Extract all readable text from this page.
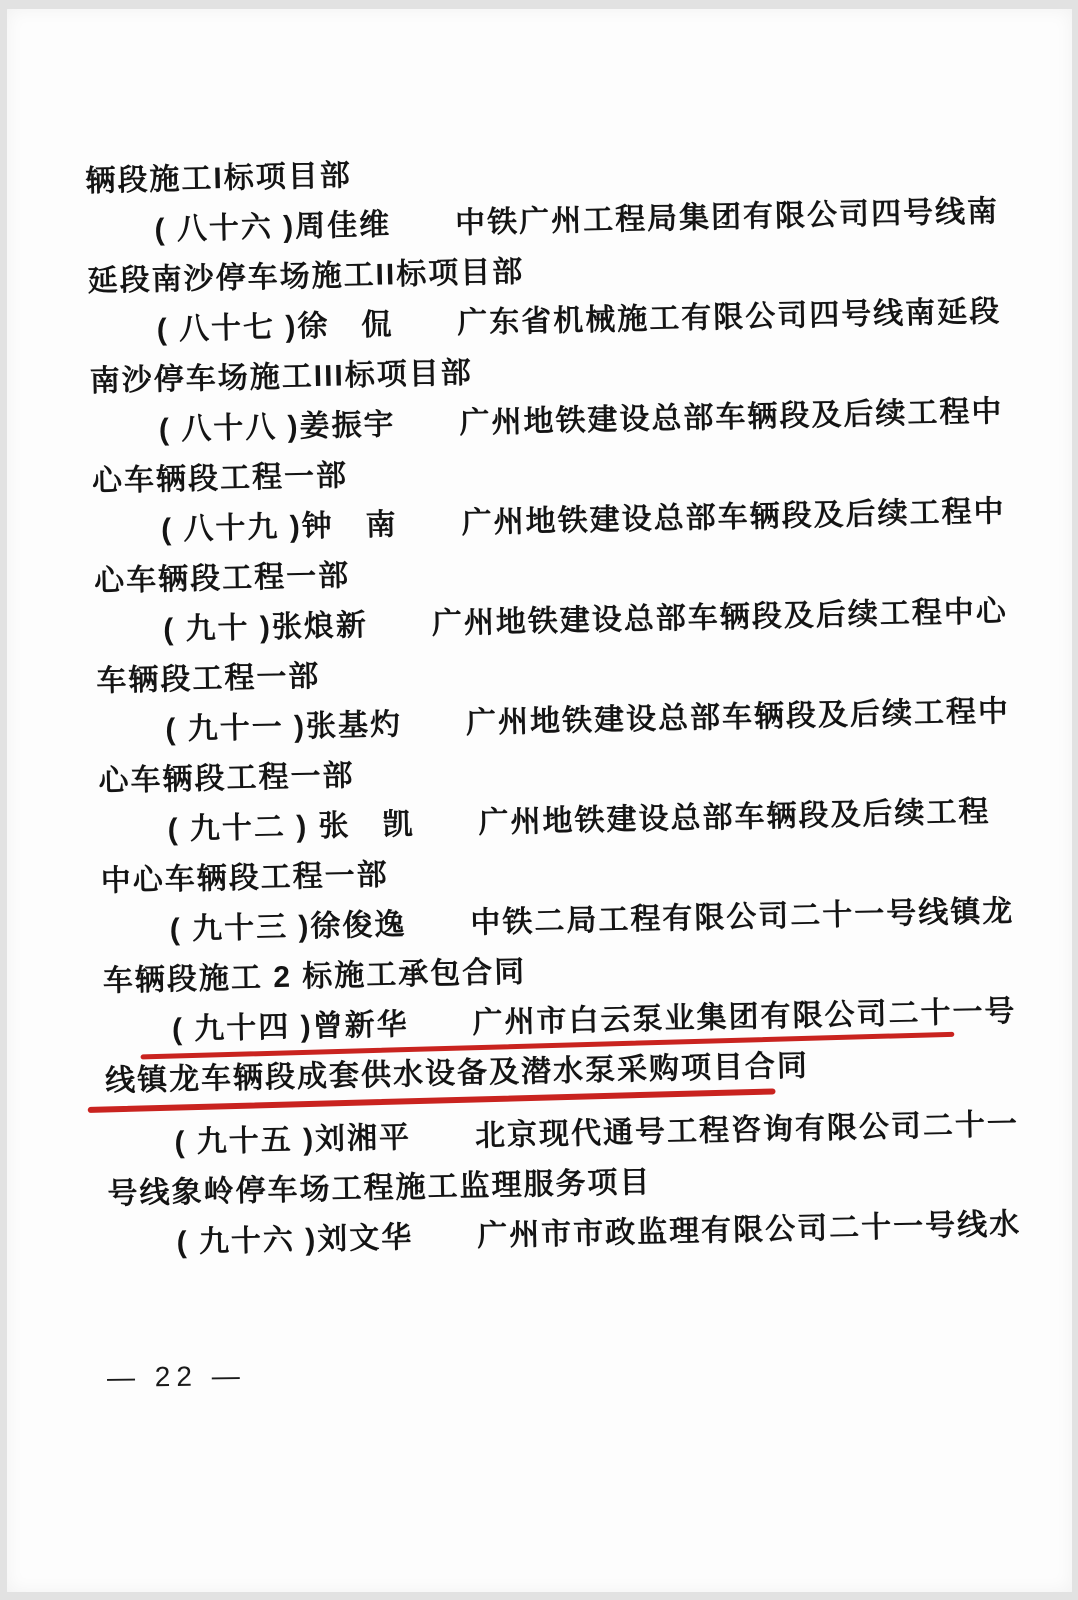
辆段施工I标项目部
( 八十六 )周佳维　　中铁广州工程局集团有限公司四号线南
延段南沙停车场施工II标项目部
( 八十七 )徐　侃　　广东省机械施工有限公司四号线南延段
南沙停车场施工III标项目部
( 八十八 )姜振宇　　广州地铁建设总部车辆段及后续工程中
心车辆段工程一部
( 八十九 )钟　南　　广州地铁建设总部车辆段及后续工程中
心车辆段工程一部
( 九十 )张烺新　　广州地铁建设总部车辆段及后续工程中心
车辆段工程一部
( 九十一 )张基灼　　广州地铁建设总部车辆段及后续工程中
心车辆段工程一部
( 九十二 ) 张　凯　　广州地铁建设总部车辆段及后续工程
中心车辆段工程一部
( 九十三 )徐俊逸　　中铁二局工程有限公司二十一号线镇龙
车辆段施工 2 标施工承包合同
( 九十四 )曾新华　　广州市白云泵业集团有限公司二十一号
线镇龙车辆段成套供水设备及潜水泵采购项目合同
( 九十五 )刘湘平　　北京现代通号工程咨询有限公司二十一
号线象岭停车场工程施工监理服务项目
( 九十六 )刘文华　　广州市市政监理有限公司二十一号线水
— 22 —
